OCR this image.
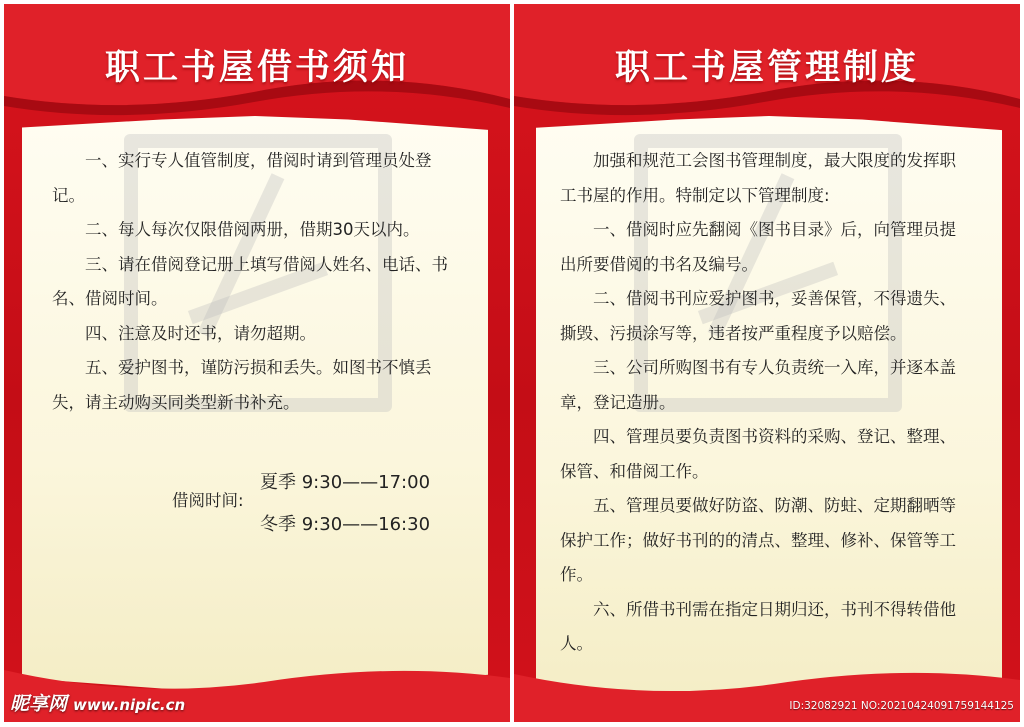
职工书屋借书须知

一、实行专人值管制度，借阅时请到管理员处登记。

二、每人每次仅限借阅两册，借期30天以内。

三、请在借阅登记册上填写借阅人姓名、电话、书名、借阅时间。

四、注意及时还书，请勿超期。

五、爱护图书，谨防污损和丢失。如图书不慎丢失，请主动购买同类型新书补充。

借阅时间:
夏季 9:30——17:00
冬季 9:30——16:30
昵享网 www.nipic.cn
职工书屋管理制度

加强和规范工会图书管理制度，最大限度的发挥职工书屋的作用。特制定以下管理制度:

一、借阅时应先翻阅《图书目录》后，向管理员提出所要借阅的书名及编号。

二、借阅书刊应爱护图书，妥善保管，不得遗失、撕毁、污损涂写等，违者按严重程度予以赔偿。

三、公司所购图书有专人负责统一入库，并逐本盖章，登记造册。

四、管理员要负责图书资料的采购、登记、整理、保管、和借阅工作。

五、管理员要做好防盗、防潮、防蛀、定期翻晒等保护工作；做好书刊的的清点、整理、修补、保管等工作。

六、所借书刊需在指定日期归还，书刊不得转借他人。

ID:32082921 NO:20210424091759144125
